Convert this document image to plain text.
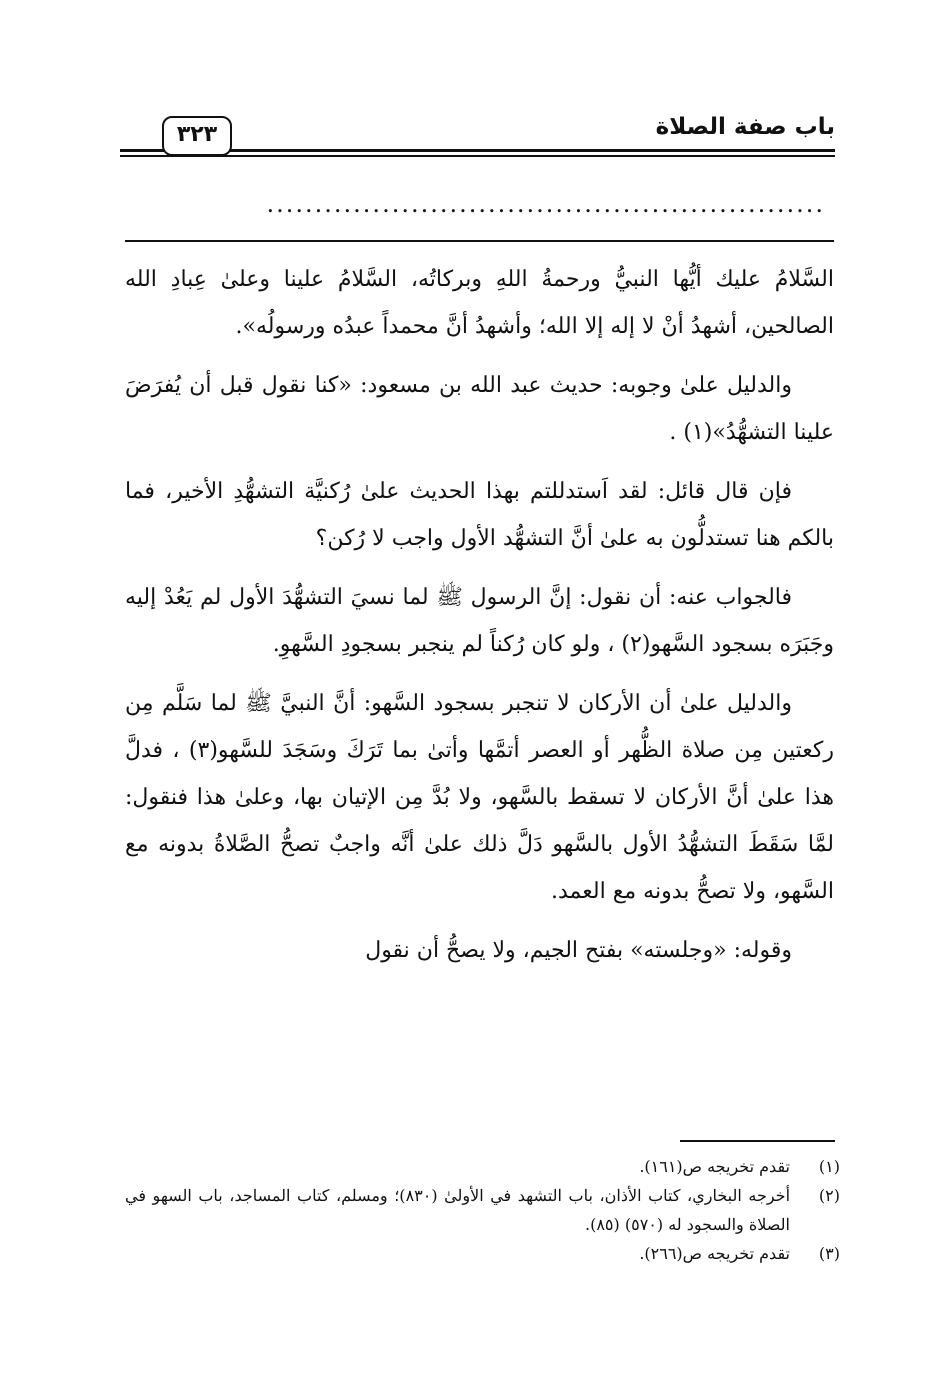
باب صفة الصلاة
٣٢٣
..........................................................

السَّلامُ عليك أيُّها النبيُّ ورحمةُ اللهِ وبركاتُه، السَّلامُ علينا وعلىٰ عِبادِ الله الصالحين، أشهدُ أنْ لا إله إلا الله؛ وأشهدُ أنَّ محمداً عبدُه ورسولُه».

والدليل علىٰ وجوبه: حديث عبد الله بن مسعود: «كنا نقول قبل أن يُفرَضَ علينا التشهُّدُ»(١) .

فإن قال قائل: لقد اَستدللتم بهذا الحديث علىٰ رُكنيَّة التشهُّدِ الأخير، فما بالكم هنا تستدلُّون به علىٰ أنَّ التشهُّد الأول واجب لا رُكن؟

فالجواب عنه: أن نقول: إنَّ الرسول ﷺ لما نسيَ التشهُّدَ الأول لم يَعُدْ إليه وجَبَرَه بسجود السَّهو(٢) ، ولو كان رُكناً لم ينجبر بسجودِ السَّهوِ.

والدليل علىٰ أن الأركان لا تنجبر بسجود السَّهو: أنَّ النبيَّ ﷺ لما سَلَّم مِن ركعتين مِن صلاة الظُّهر أو العصر أتمَّها وأتىٰ بما تَرَكَ وسَجَدَ للسَّهو(٣) ، فدلَّ هذا علىٰ أنَّ الأركان لا تسقط بالسَّهو، ولا بُدَّ مِن الإتيان بها، وعلىٰ هذا فنقول: لمَّا سَقَطَ التشهُّدُ الأول بالسَّهو دَلَّ ذلك علىٰ أنَّه واجبٌ تصحُّ الصَّلاةُ بدونه مع السَّهو، ولا تصحُّ بدونه مع العمد.

وقوله: «وجلسته» بفتح الجيم، ولا يصحُّ أن نقول

(١)
تقدم تخريجه ص(١٦١).
(٢)
أخرجه البخاري، كتاب الأذان، باب التشهد في الأولىٰ (٨٣٠)؛ ومسلم، كتاب المساجد، باب السهو في الصلاة والسجود له (٥٧٠) (٨٥).
(٣)
تقدم تخريجه ص(٢٦٦).
